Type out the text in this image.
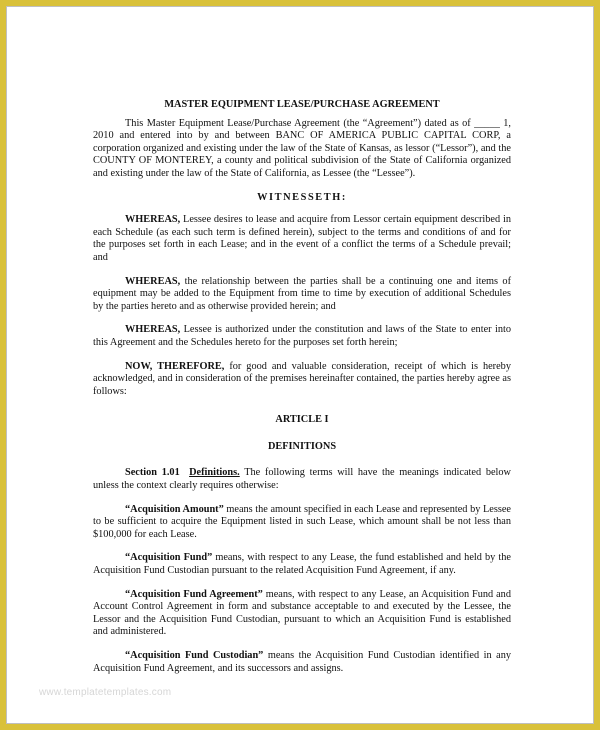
MASTER EQUIPMENT LEASE/PURCHASE AGREEMENT

This Master Equipment Lease/Purchase Agreement (the “Agreement”) dated as of _____ 1, 2010 and entered into by and between BANC OF AMERICA PUBLIC CAPITAL CORP, a corporation organized and existing under the law of the State of Kansas, as lessor (“Lessor”), and the COUNTY OF MONTEREY, a county and political subdivision of the State of California organized and existing under the law of the State of California, as Lessee (the “Lessee”).

WITNESSETH:

WHEREAS, Lessee desires to lease and acquire from Lessor certain equipment described in each Schedule (as each such term is defined herein), subject to the terms and conditions of and for the purposes set forth in each Lease; and in the event of a conflict the terms of a Schedule prevail; and

WHEREAS, the relationship between the parties shall be a continuing one and items of equipment may be added to the Equipment from time to time by execution of additional Schedules by the parties hereto and as otherwise provided herein; and

WHEREAS, Lessee is authorized under the constitution and laws of the State to enter into this Agreement and the Schedules hereto for the purposes set forth herein;

NOW, THEREFORE, for good and valuable consideration, receipt of which is hereby acknowledged, and in consideration of the premises hereinafter contained, the parties hereby agree as follows:

ARTICLE I

DEFINITIONS

Section 1.01 Definitions. The following terms will have the meanings indicated below unless the context clearly requires otherwise:

“Acquisition Amount” means the amount specified in each Lease and represented by Lessee to be sufficient to acquire the Equipment listed in such Lease, which amount shall be not less than $100,000 for each Lease.

“Acquisition Fund” means, with respect to any Lease, the fund established and held by the Acquisition Fund Custodian pursuant to the related Acquisition Fund Agreement, if any.

“Acquisition Fund Agreement” means, with respect to any Lease, an Acquisition Fund and Account Control Agreement in form and substance acceptable to and executed by the Lessee, the Lessor and the Acquisition Fund Custodian, pursuant to which an Acquisition Fund is established and administered.

“Acquisition Fund Custodian” means the Acquisition Fund Custodian identified in any Acquisition Fund Agreement, and its successors and assigns.

www.templatetemplates.com
